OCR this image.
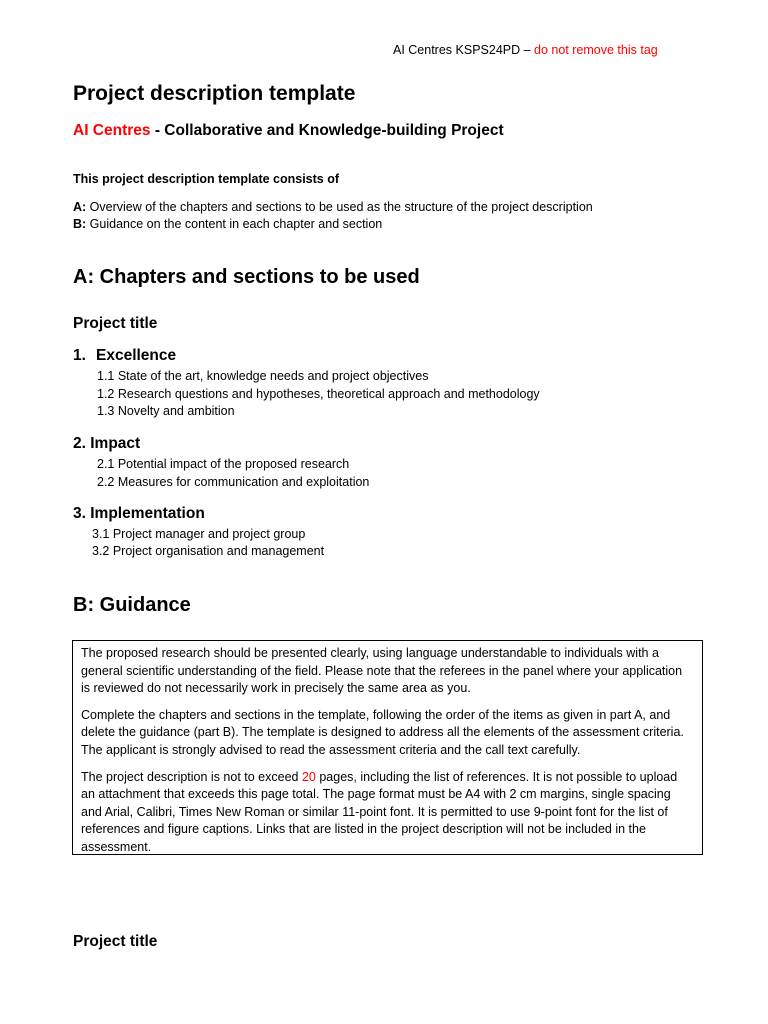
AI Centres KSPS24PD – do not remove this tag
Project description template
AI Centres - Collaborative and Knowledge-building Project
This project description template consists of
A: Overview of the chapters and sections to be used as the structure of the project description
B: Guidance on the content in each chapter and section
A: Chapters and sections to be used
Project title
1. Excellence
1.1 State of the art, knowledge needs and project objectives
1.2 Research questions and hypotheses, theoretical approach and methodology
1.3 Novelty and ambition
2. Impact
2.1 Potential impact of the proposed research
2.2 Measures for communication and exploitation
3. Implementation
3.1 Project manager and project group
3.2 Project organisation and management
B: Guidance

The proposed research should be presented clearly, using language understandable to individuals with a general scientific understanding of the field. Please note that the referees in the panel where your application is reviewed do not necessarily work in precisely the same area as you.

Complete the chapters and sections in the template, following the order of the items as given in part A, and delete the guidance (part B). The template is designed to address all the elements of the assessment criteria. The applicant is strongly advised to read the assessment criteria and the call text carefully.

The project description is not to exceed 20 pages, including the list of references. It is not possible to upload an attachment that exceeds this page total. The page format must be A4 with 2 cm margins, single spacing and Arial, Calibri, Times New Roman or similar 11-point font. It is permitted to use 9-point font for the list of references and figure captions. Links that are listed in the project description will not be included in the assessment.

Project title
